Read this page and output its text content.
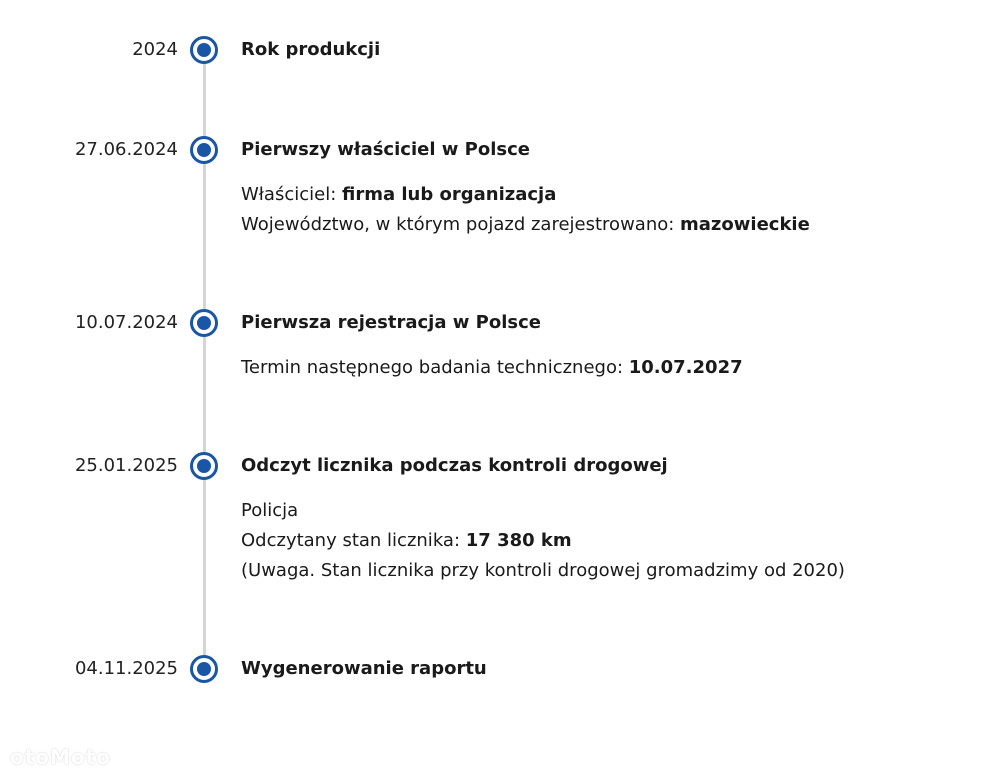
2024	Rok produkcji
27.06.2024	Pierwszy właściciel w Polsce
Właściciel: firma lub organizacja
Województwo, w którym pojazd zarejestrowano: mazowieckie
10.07.2024	Pierwsza rejestracja w Polsce
Termin następnego badania technicznego: 10.07.2027
25.01.2025	Odczyt licznika podczas kontroli drogowej
Policja
Odczytany stan licznika: 17 380 km
(Uwaga. Stan licznika przy kontroli drogowej gromadzimy od 2020)
04.11.2025	Wygenerowanie raportu
otoMoto
